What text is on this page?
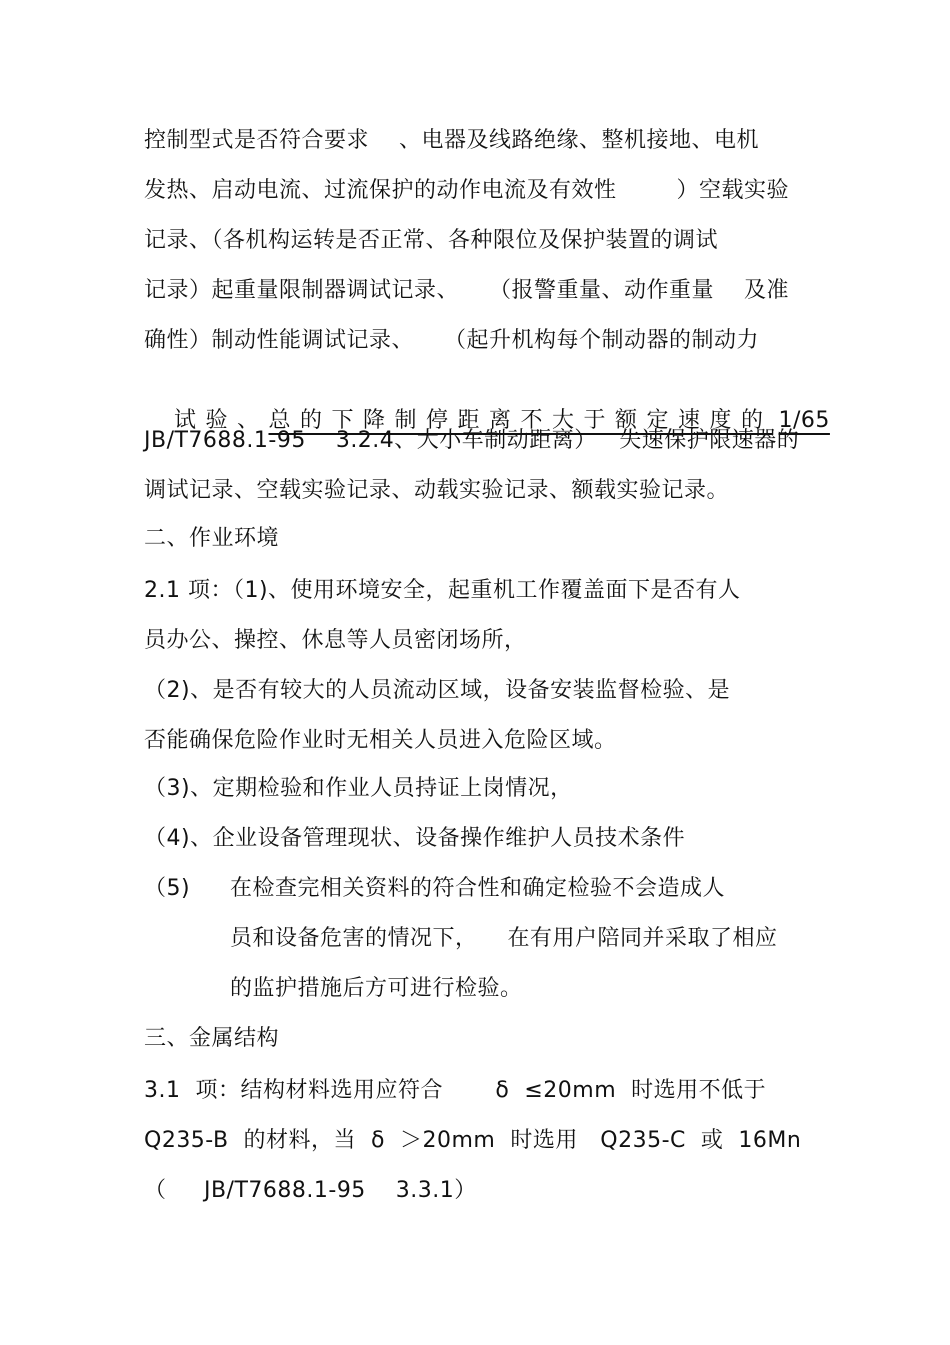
控制型式是否符合要求    、电器及线路绝缘、整机接地、电机
发热、启动电流、过流保护的动作电流及有效性        ）空载实验
记录、（各机构运转是否正常、各种限位及保护装置的调试
记录）起重量限制器调试记录、    （报警重量、动作重量    及准
确性）制动性能调试记录、    （起升机构每个制动器的制动力

试验、总的下降制停距离不大于额定速度的 1/65

JB/T7688.1-95    3.2.4、大小车制动距离）   失速保护限速器的
调试记录、空载实验记录、动载实验记录、额载实验记录。
二、作业环境
2.1 项：（1)、使用环境安全，起重机工作覆盖面下是否有人
员办公、操控、休息等人员密闭场所，
（2)、是否有较大的人员流动区域，设备安装监督检验、是
否能确保危险作业时无相关人员进入危险区域。
（3)、定期检验和作业人员持证上岗情况，
（4)、企业设备管理现状、设备操作维护人员技术条件
（5) 在检查完相关资料的符合性和确定检验不会造成人
员和设备危害的情况下，    在有用户陪同并采取了相应
的监护措施后方可进行检验。
三、金属结构
3.1  项：结构材料选用应符合       δ  ≤20mm  时选用不低于
Q235-B  的材料，当  δ  ＞20mm  时选用   Q235-C  或  16Mn
（     JB/T7688.1-95    3.3.1）
